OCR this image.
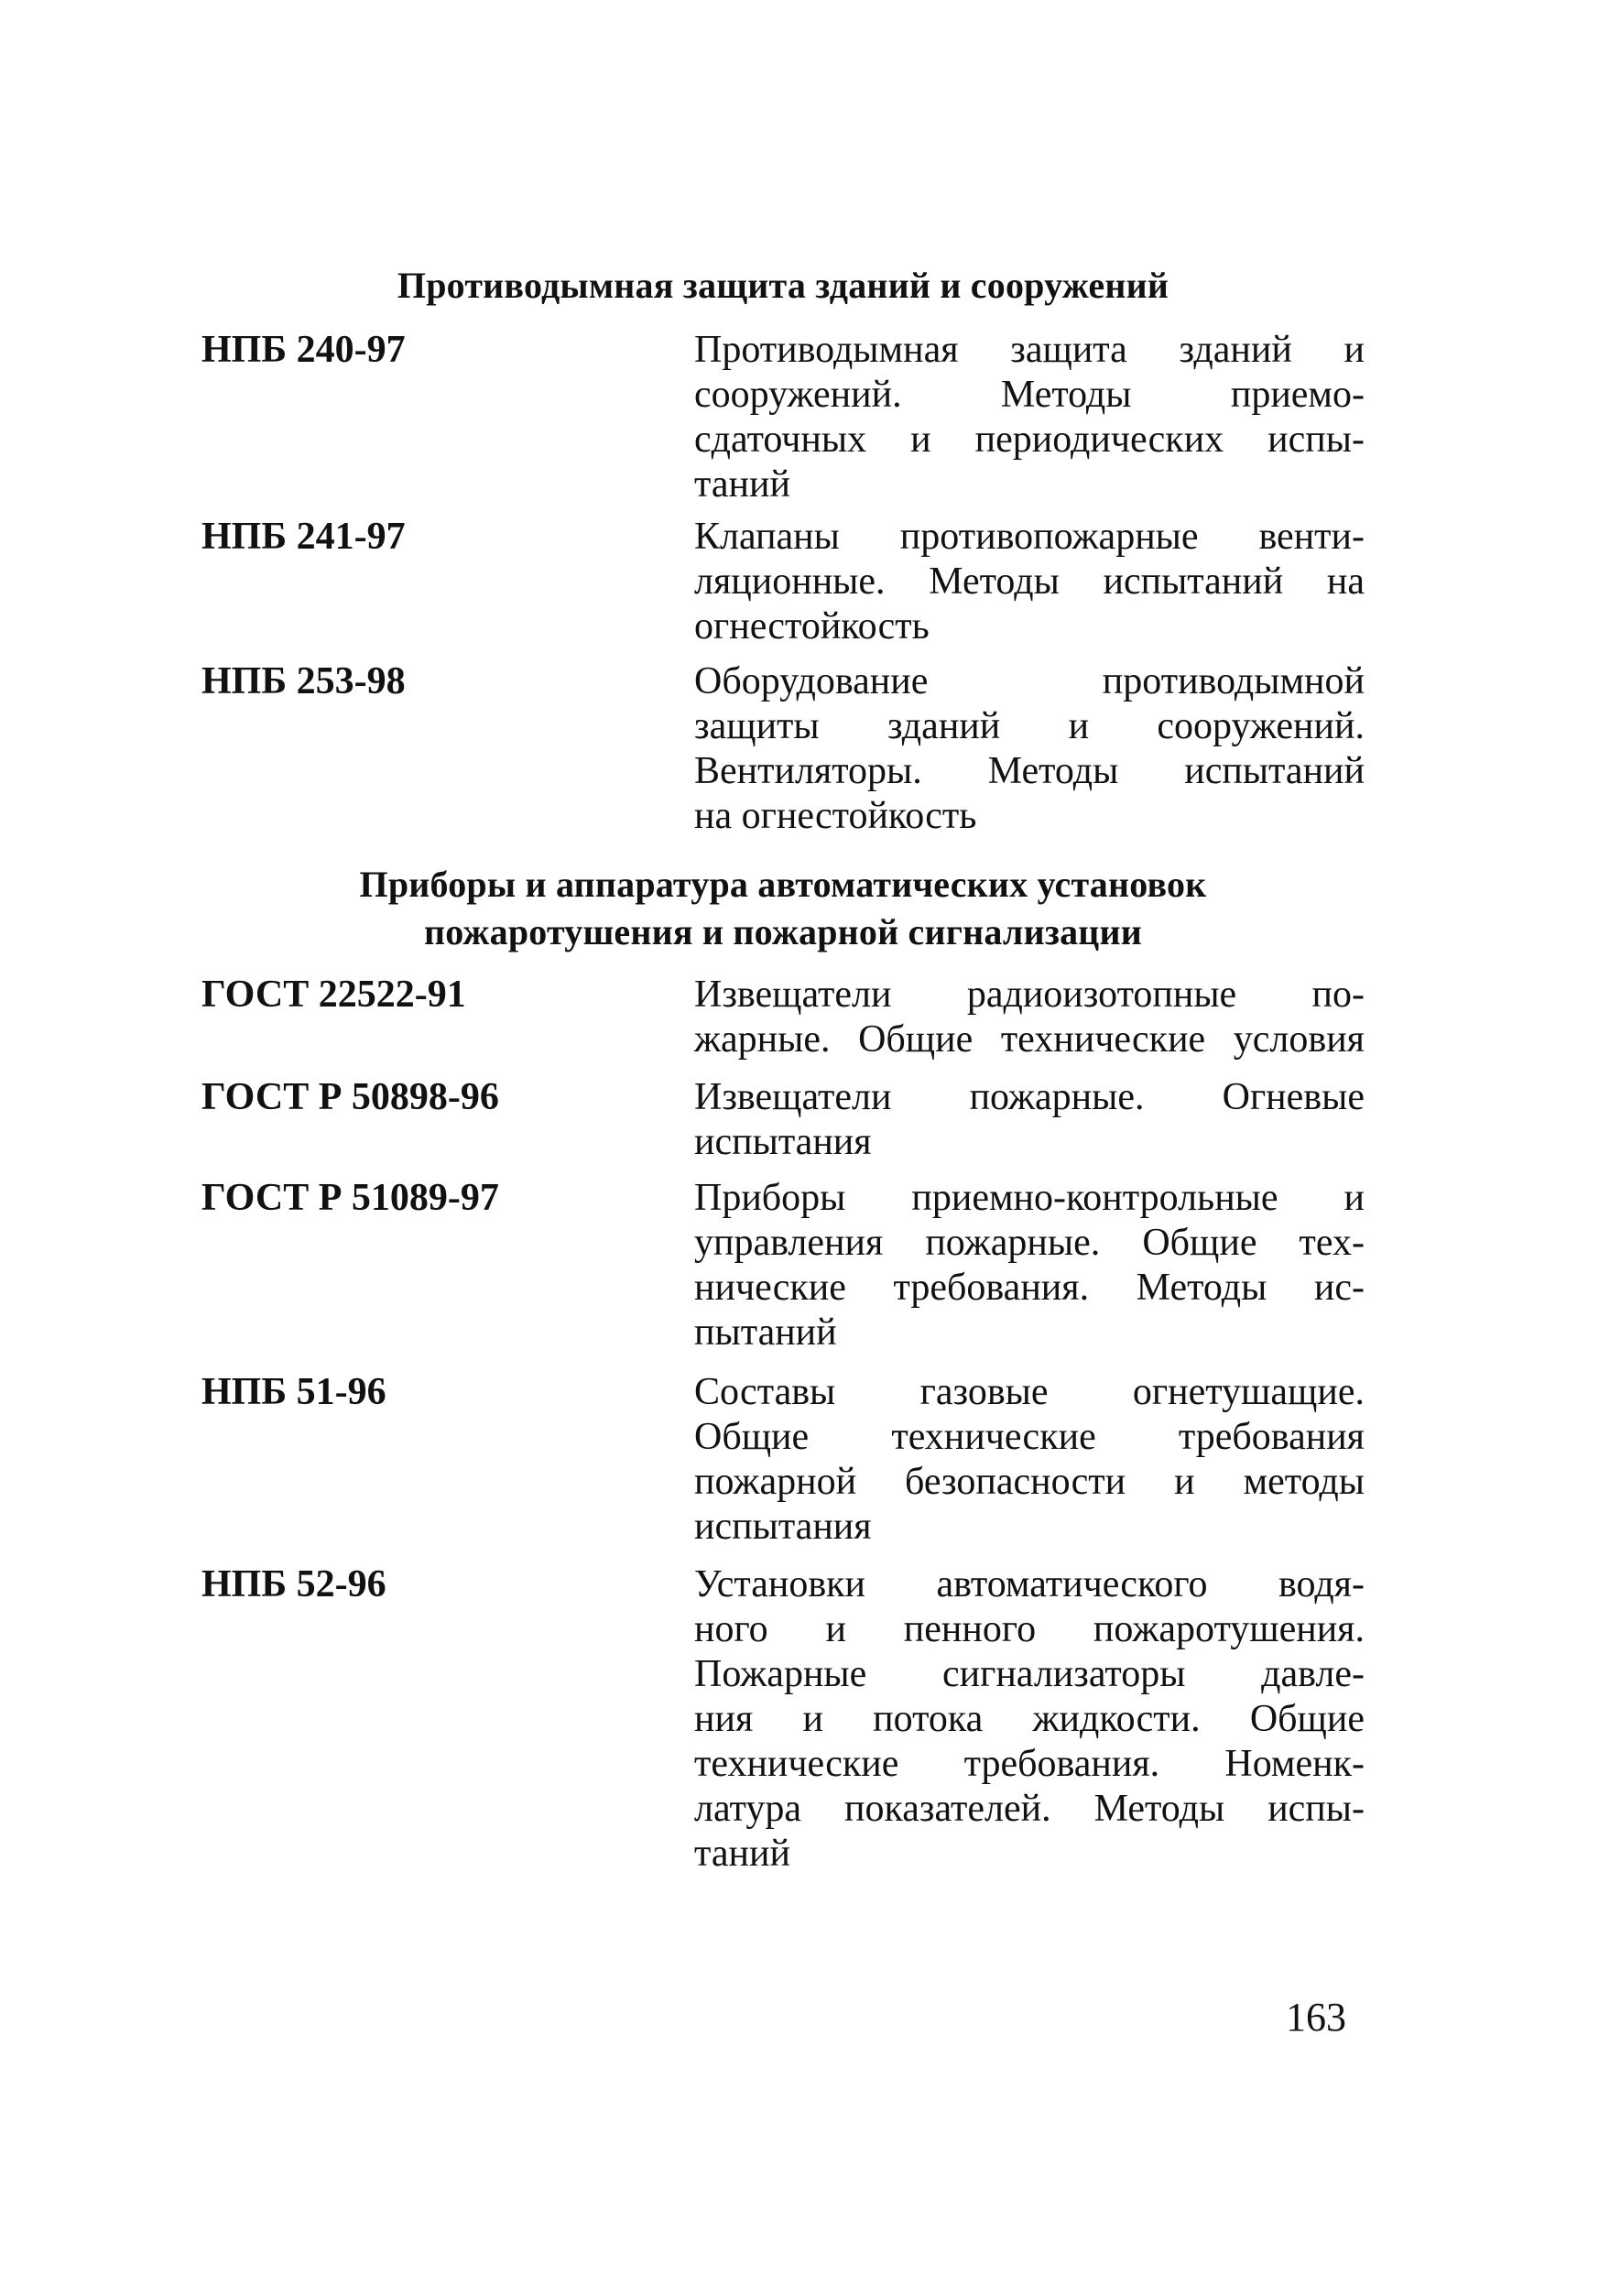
Противодымная защита зданий и сооружений
НПБ 240-97	Противодымная защита зданий и
сооружений. Методы приемо-
сдаточных и периодических испы-
таний
НПБ 241-97	Клапаны противопожарные венти-
ляционные. Методы испытаний на
огнестойкость
НПБ 253-98	Оборудование противодымной
защиты зданий и сооружений.
Вентиляторы. Методы испытаний
на огнестойкость
Приборы и аппаратура автоматических установок
пожаротушения и пожарной сигнализации
ГОСТ 22522-91	Извещатели радиоизотопные по-
жарные. Общие технические условия
ГОСТ Р 50898-96	Извещатели пожарные. Огневые
испытания
ГОСТ Р 51089-97	Приборы приемно-контрольные и
управления пожарные. Общие тех-
нические требования. Методы ис-
пытаний
НПБ 51-96	Составы газовые огнетушащие.
Общие технические требования
пожарной безопасности и методы
испытания
НПБ 52-96	Установки автоматического водя-
ного и пенного пожаротушения.
Пожарные сигнализаторы давле-
ния и потока жидкости. Общие
технические требования. Номенк-
латура показателей. Методы испы-
таний
163
